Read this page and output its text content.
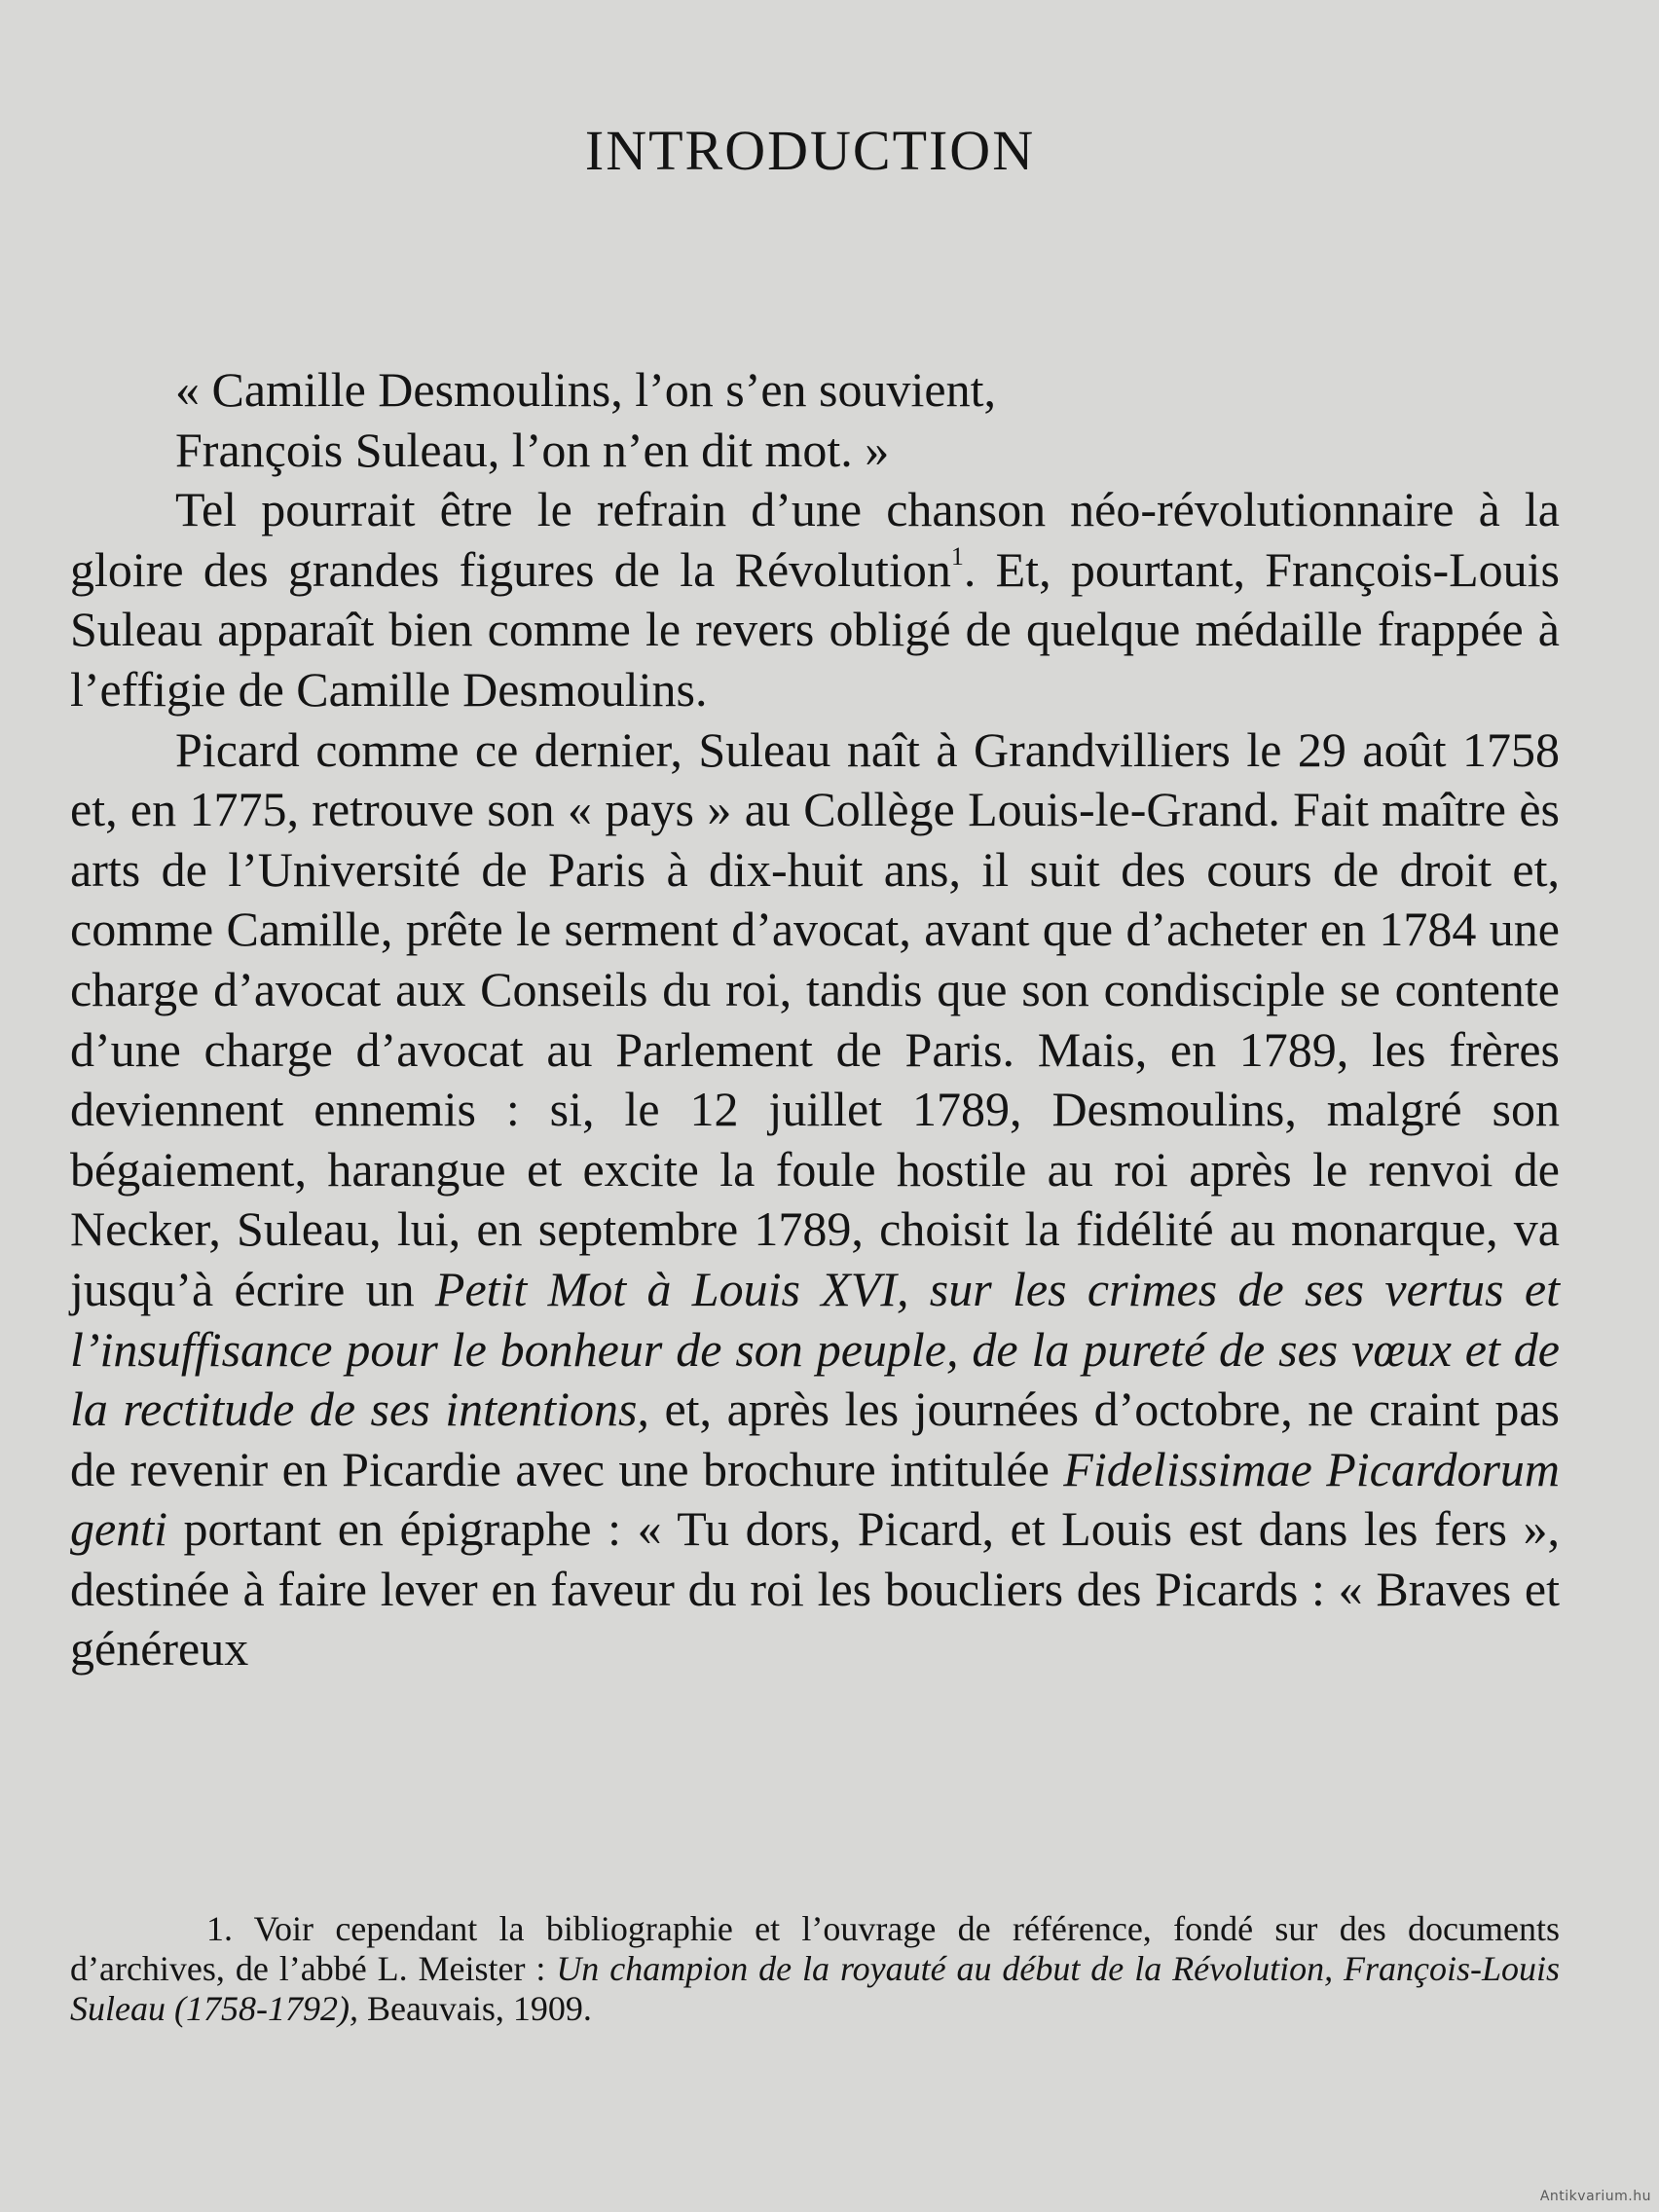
INTRODUCTION

« Camille Desmoulins, l’on s’en souvient,

François Suleau, l’on n’en dit mot. »

Tel pourrait être le refrain d’une chanson néo-révolutionnaire à la gloire des grandes figures de la Révolution$^1$. Et, pourtant, François-Louis Suleau apparaît bien comme le revers obligé de quelque médaille frappée à l’effigie de Camille Desmoulins.

Picard comme ce dernier, Suleau naît à Grandvilliers le 29 août 1758 et, en 1775, retrouve son « pays » au Collège Louis-le-Grand. Fait maître ès arts de l’Université de Paris à dix-huit ans, il suit des cours de droit et, comme Camille, prête le serment d’avocat, avant que d’acheter en 1784 une charge d’avocat aux Conseils du roi, tandis que son condisciple se contente d’une charge d’avocat au Parlement de Paris. Mais, en 1789, les frères deviennent ennemis : si, le 12 juillet 1789, Desmoulins, malgré son bégaiement, harangue et excite la foule hostile au roi après le renvoi de Necker, Suleau, lui, en septembre 1789, choisit la fidélité au monarque, va jusqu’à écrire un Petit Mot à Louis XVI, sur les crimes de ses vertus et l’insuffisance pour le bonheur de son peuple, de la pureté de ses vœux et de la rectitude de ses intentions, et, après les journées d’octobre, ne craint pas de revenir en Picardie avec une brochure intitulée Fidelissimae Picardorum genti portant en épigraphe : « Tu dors, Picard, et Louis est dans les fers », destinée à faire lever en faveur du roi les boucliers des Picards : « Braves et généreux

1. Voir cependant la bibliographie et l’ouvrage de référence, fondé sur des documents d’archives, de l’abbé L. Meister : Un champion de la royauté au début de la Révolution, François-Louis Suleau (1758-1792), Beauvais, 1909.
Antikvarium.hu
